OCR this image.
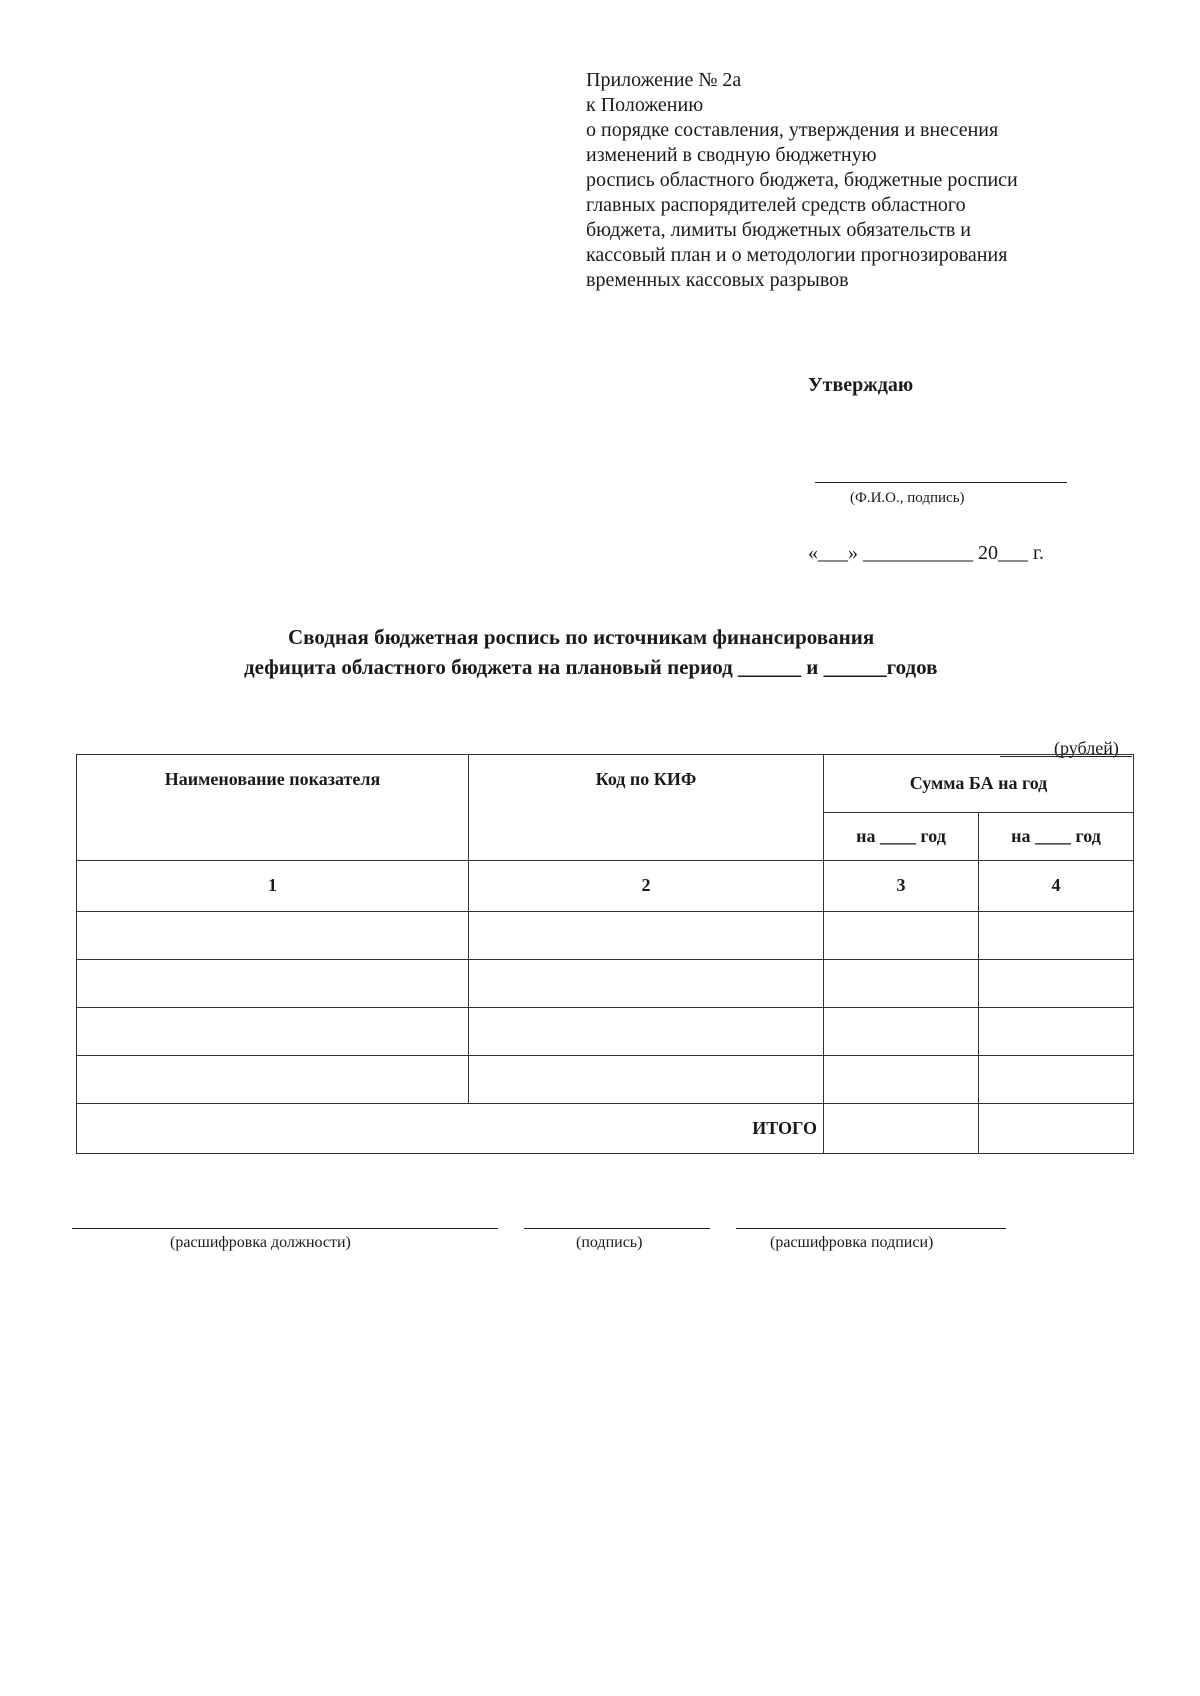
Приложение № 2а
к Положению
о порядке составления, утверждения и внесения
изменений в сводную бюджетную
роспись областного бюджета, бюджетные росписи
главных распорядителей средств областного
бюджета, лимиты бюджетных обязательств и
кассовый план и о методологии прогнозирования
временных кассовых разрывов
Утверждаю
(Ф.И.О., подпись)
«___» ___________ 20___ г.
Сводная бюджетная роспись по источникам финансирования
дефицита областного бюджета на плановый период ______ и ______годов
(рублей)
Наименование показателя	Код по КИФ	Сумма БА на год	
		на ____ год	на ____ год
1	2	3	4

ИТОГО			
(расшифровка должности)	(подпись)	(расшифровка подписи)
